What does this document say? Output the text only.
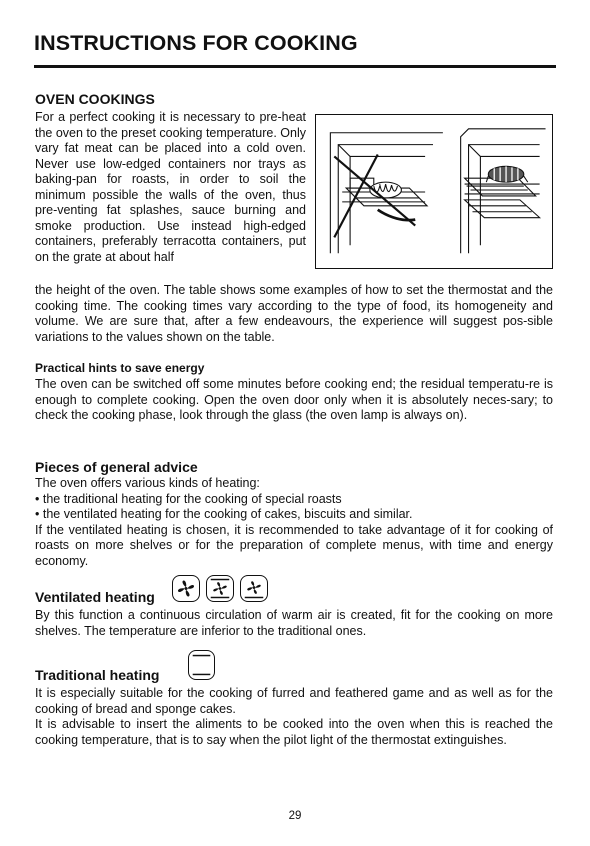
INSTRUCTIONS FOR COOKING
OVEN COOKINGS

For a perfect cooking it is necessary to pre-heat the oven to the preset cooking temperature. Only vary fat meat can be placed into a cold oven. Never use low-edged containers nor trays as baking-pan for roasts, in order to soil the minimum possible the walls of the oven, thus pre-venting fat splashes, sauce burning and smoke production. Use instead high-edged containers, preferably terracotta containers, put on the grate at about half

the height of the oven. The table shows some examples of how to set the thermostat and the cooking time. The cooking times vary according to the type of food, its homogeneity and volume. We are sure that, after a few endeavours, the experience will suggest pos-sible variations to the values shown on the table.

Practical hints to save energy

The oven can be switched off some minutes before cooking end; the residual temperatu-re is enough to complete cooking. Open the oven door only when it is absolutely neces-sary; to check the cooking phase, look through the glass (the oven lamp is always on).

Pieces of general advice

The oven offers various kinds of heating:

• the traditional heating for the cooking of special roasts

• the ventilated heating for the cooking of cakes, biscuits and similar.

If the ventilated heating is chosen, it is recommended to take advantage of it for cooking of roasts on more shelves or for the preparation of complete menus, with time and energy economy.

Ventilated heating

By this function a continuous circulation of warm air is created, fit for the cooking on more shelves. The temperature are inferior to the traditional ones.

Traditional heating

It is especially suitable for the cooking of furred and feathered game and as well as for the cooking of bread and sponge cakes.

It is advisable to insert the aliments to be cooked into the oven when this is reached the cooking temperature, that is to say when the pilot light of the thermostat extinguishes.

29
